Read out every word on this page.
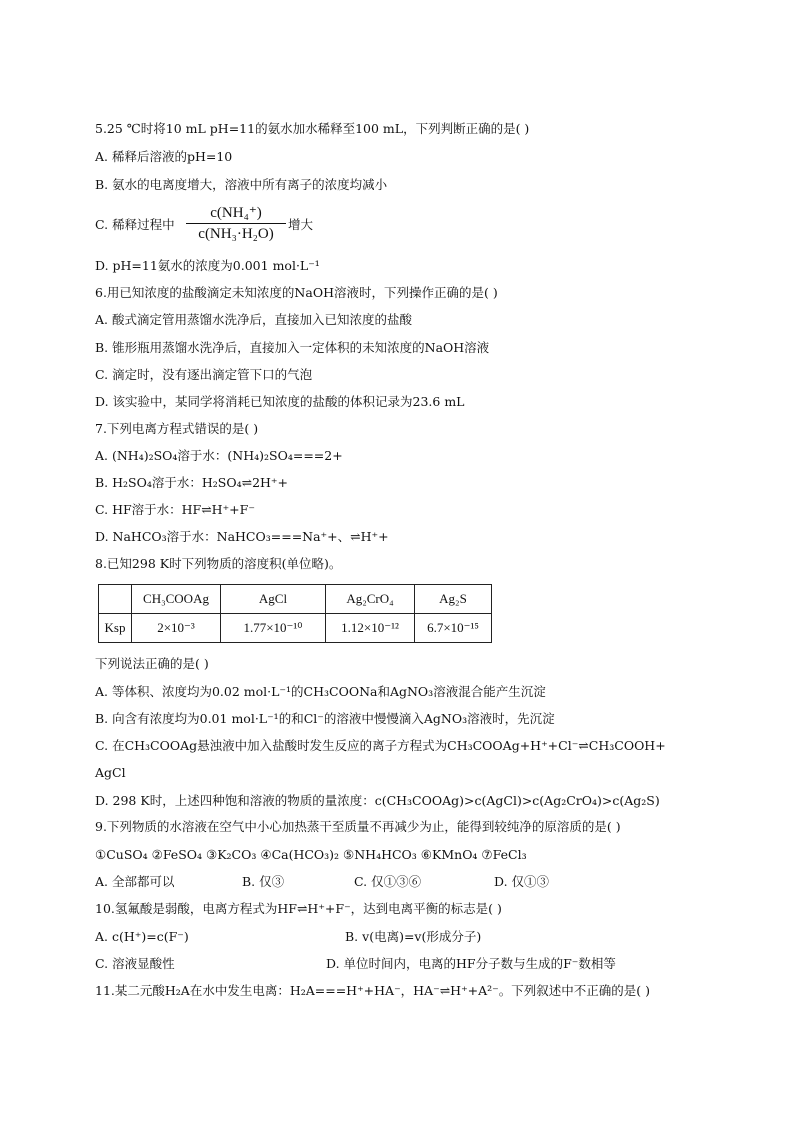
5.25 ℃时将10 mL pH=11的氨水加水稀释至100 mL，下列判断正确的是( )
A. 稀释后溶液的pH=10
B. 氨水的电离度增大，溶液中所有离子的浓度均减小
C. 稀释过程中
c(NH₄⁺)
c(NH₃·H₂O)
增大
D. pH=11氨水的浓度为0.001 mol·L⁻¹
6.用已知浓度的盐酸滴定未知浓度的NaOH溶液时，下列操作正确的是( )
A. 酸式滴定管用蒸馏水洗净后，直接加入已知浓度的盐酸
B. 锥形瓶用蒸馏水洗净后，直接加入一定体积的未知浓度的NaOH溶液
C. 滴定时，没有逐出滴定管下口的气泡
D. 该实验中，某同学将消耗已知浓度的盐酸的体积记录为23.6 mL
7.下列电离方程式错误的是( )
A. (NH₄)₂SO₄溶于水：(NH₄)₂SO₄===2+
B. H₂SO₄溶于水：H₂SO₄⇌2H⁺+
C. HF溶于水：HF⇌H⁺+F⁻
D. NaHCO₃溶于水：NaHCO₃===Na⁺+、⇌H⁺+
8.已知298 K时下列物质的溶度积(单位略)。
	CH₃COOAg	AgCl	Ag₂CrO₄	Ag₂S
Ksp	2×10⁻³	1.77×10⁻¹⁰	1.12×10⁻¹²	6.7×10⁻¹⁵
下列说法正确的是( )
A. 等体积、浓度均为0.02 mol·L⁻¹的CH₃COONa和AgNO₃溶液混合能产生沉淀
B. 向含有浓度均为0.01 mol·L⁻¹的和Cl⁻的溶液中慢慢滴入AgNO₃溶液时，先沉淀
C. 在CH₃COOAg悬浊液中加入盐酸时发生反应的离子方程式为CH₃COOAg+H⁺+Cl⁻⇌CH₃COOH+
AgCl
D. 298 K时，上述四种饱和溶液的物质的量浓度：c(CH₃COOAg)>c(AgCl)>c(Ag₂CrO₄)>c(Ag₂S)
9.下列物质的水溶液在空气中小心加热蒸干至质量不再减少为止，能得到较纯净的原溶质的是( )
①CuSO₄ ②FeSO₄ ③K₂CO₃ ④Ca(HCO₃)₂ ⑤NH₄HCO₃ ⑥KMnO₄ ⑦FeCl₃
A. 全部都可以	B. 仅③	C. 仅①③⑥	D. 仅①③
10.氢氟酸是弱酸，电离方程式为HF⇌H⁺+F⁻，达到电离平衡的标志是( )
A. c(H⁺)=c(F⁻)	B. v(电离)=v(形成分子)
C. 溶液显酸性	D. 单位时间内，电离的HF分子数与生成的F⁻数相等
11.某二元酸H₂A在水中发生电离：H₂A===H⁺+HA⁻，HA⁻⇌H⁺+A²⁻。下列叙述中不正确的是( )
